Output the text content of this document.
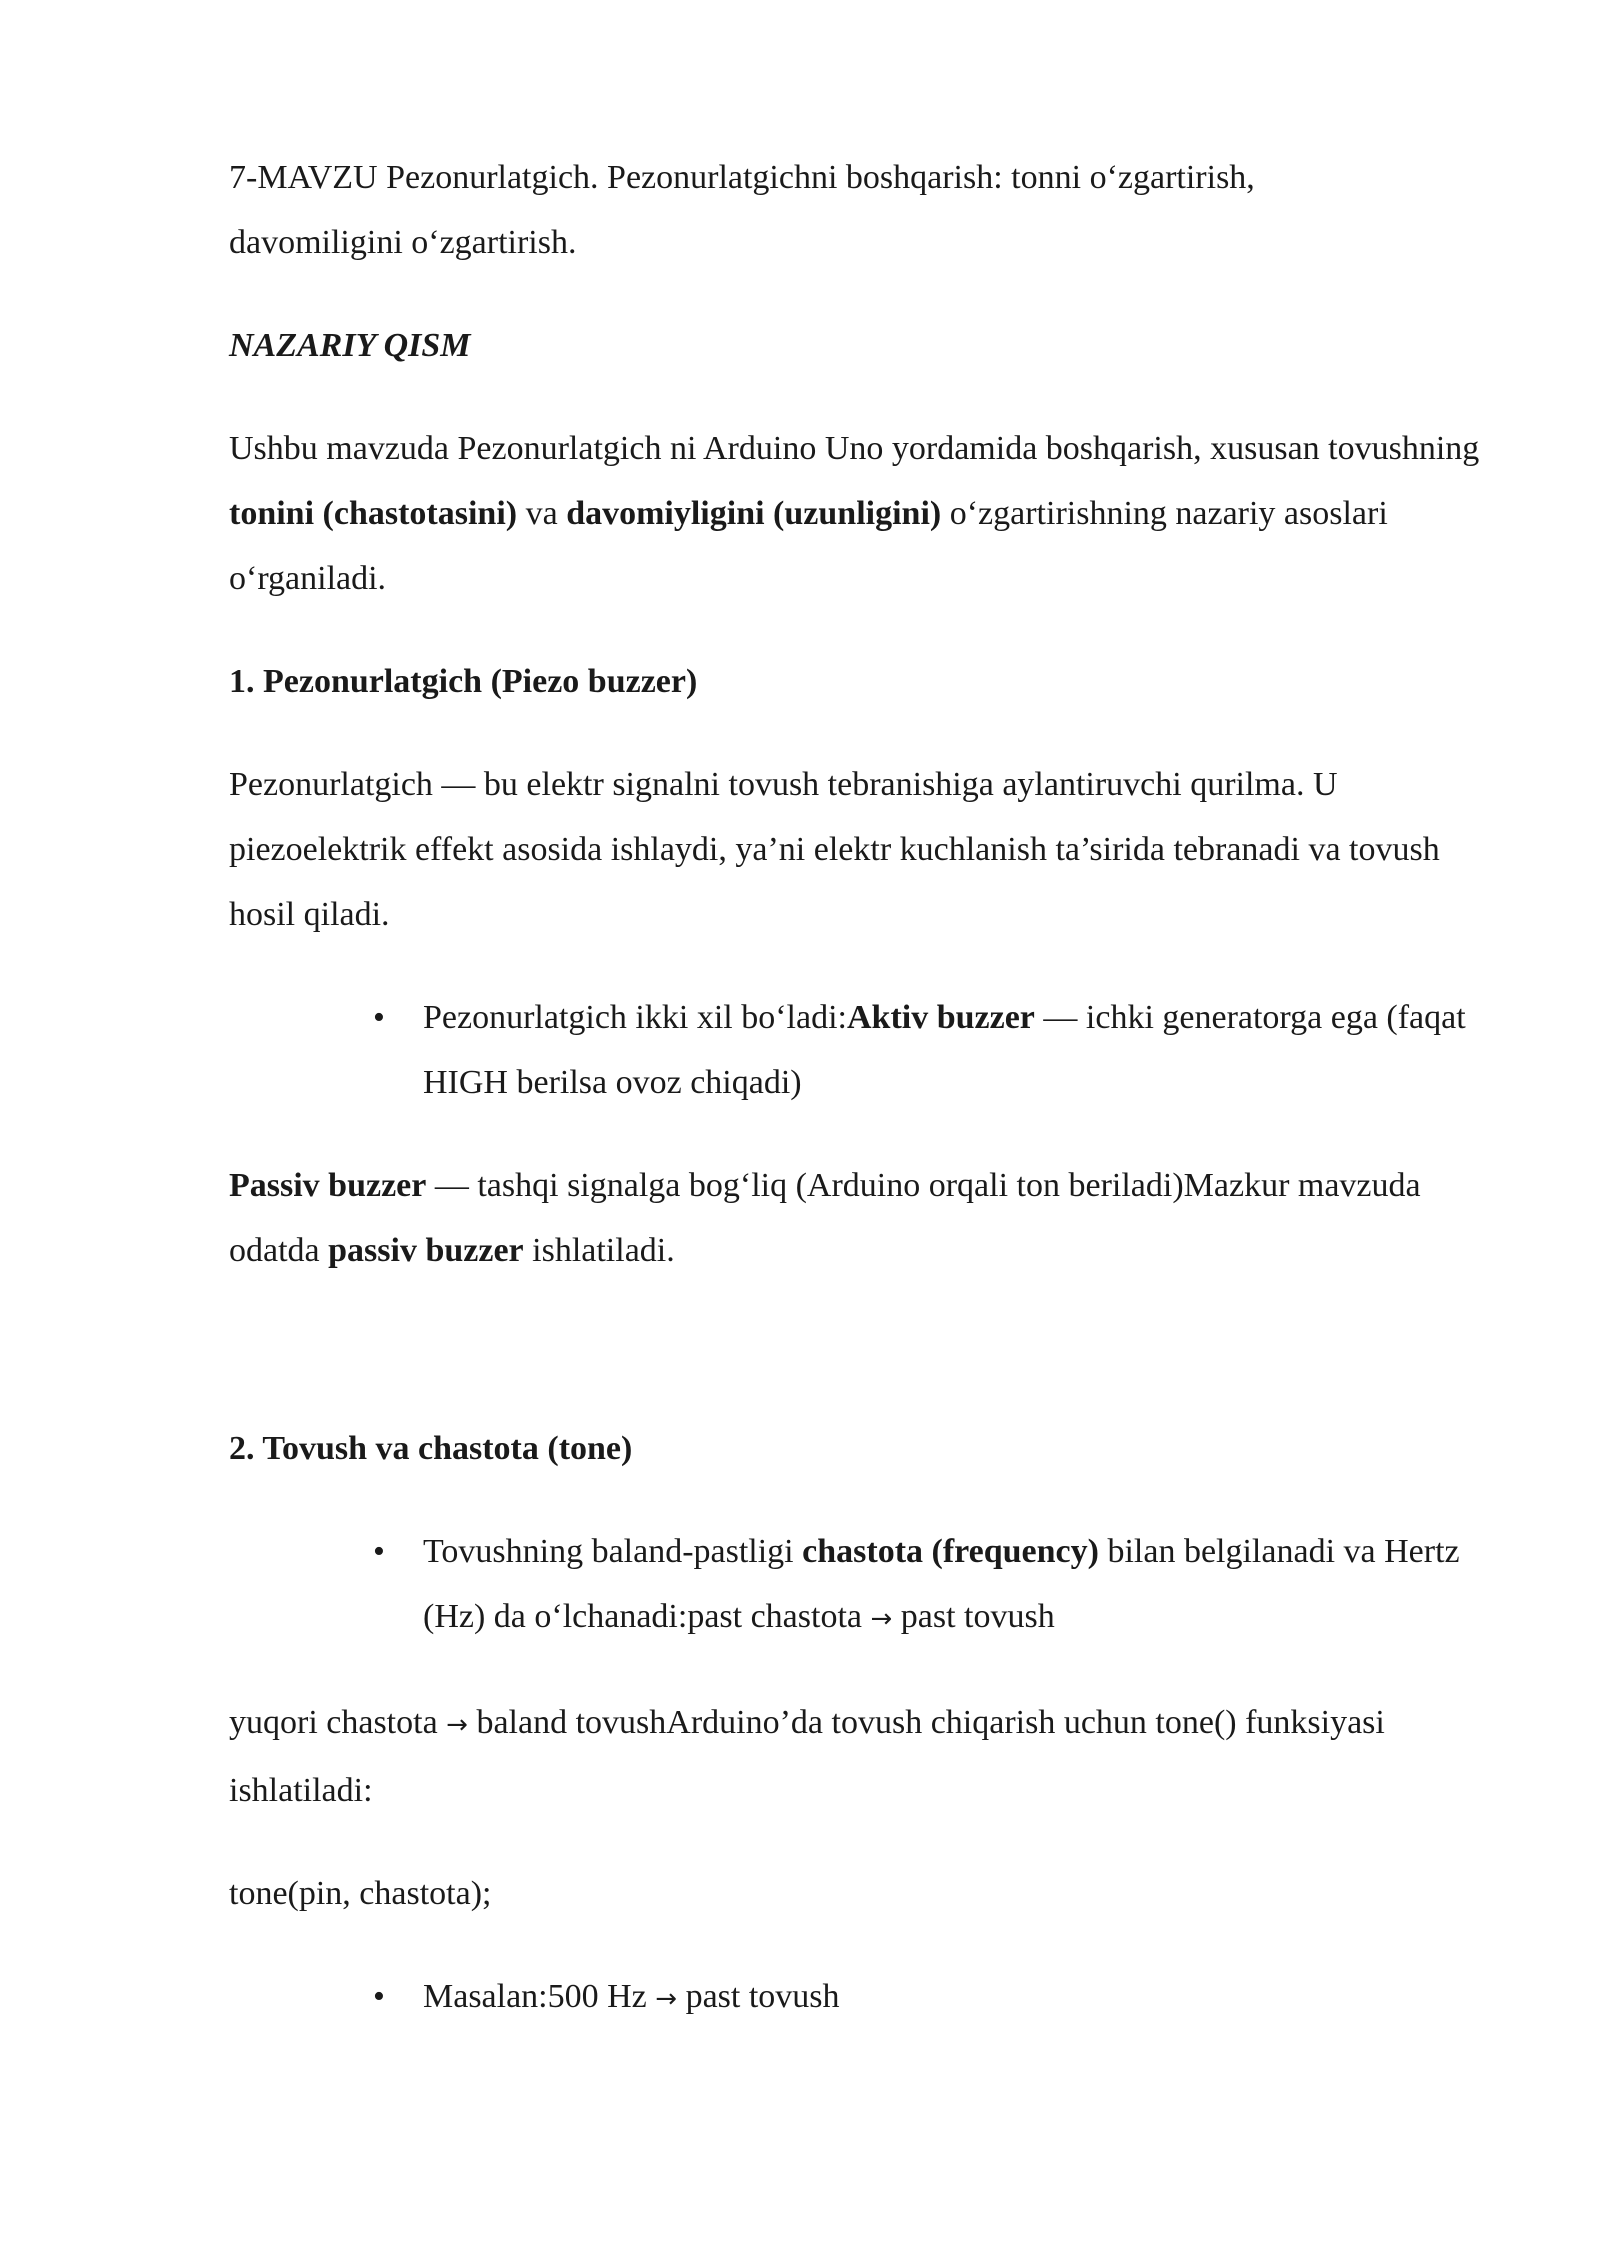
7-MAVZU Pezonurlatgich. Pezonurlatgichni boshqarish: tonni o‘zgartirish,
davomiligini o‘zgartirish.

NAZARIY QISM

Ushbu mavzuda Pezonurlatgich ni Arduino Uno yordamida boshqarish, xususan tovushning tonini (chastotasini) va davomiyligini (uzunligini) o‘zgartirishning nazariy asoslari o‘rganiladi.

1. Pezonurlatgich (Piezo buzzer)

Pezonurlatgich — bu elektr signalni tovush tebranishiga aylantiruvchi qurilma. U piezoelektrik effekt asosida ishlaydi, ya’ni elektr kuchlanish ta’sirida tebranadi va tovush hosil qiladi.

•	Pezonurlatgich ikki xil bo‘ladi:Aktiv buzzer — ichki generatorga ega (faqat HIGH berilsa ovoz chiqadi)

Passiv buzzer — tashqi signalga bog‘liq (Arduino orqali ton beriladi)Mazkur mavzuda odatda passiv buzzer ishlatiladi.

2. Tovush va chastota (tone)

•	Tovushning baland-pastligi chastota (frequency) bilan belgilanadi va Hertz (Hz) da o‘lchanadi:past chastota → past tovush

yuqori chastota → baland tovushArduino’da tovush chiqarish uchun tone() funksiyasi ishlatiladi:

tone(pin, chastota);

•	Masalan:500 Hz → past tovush
